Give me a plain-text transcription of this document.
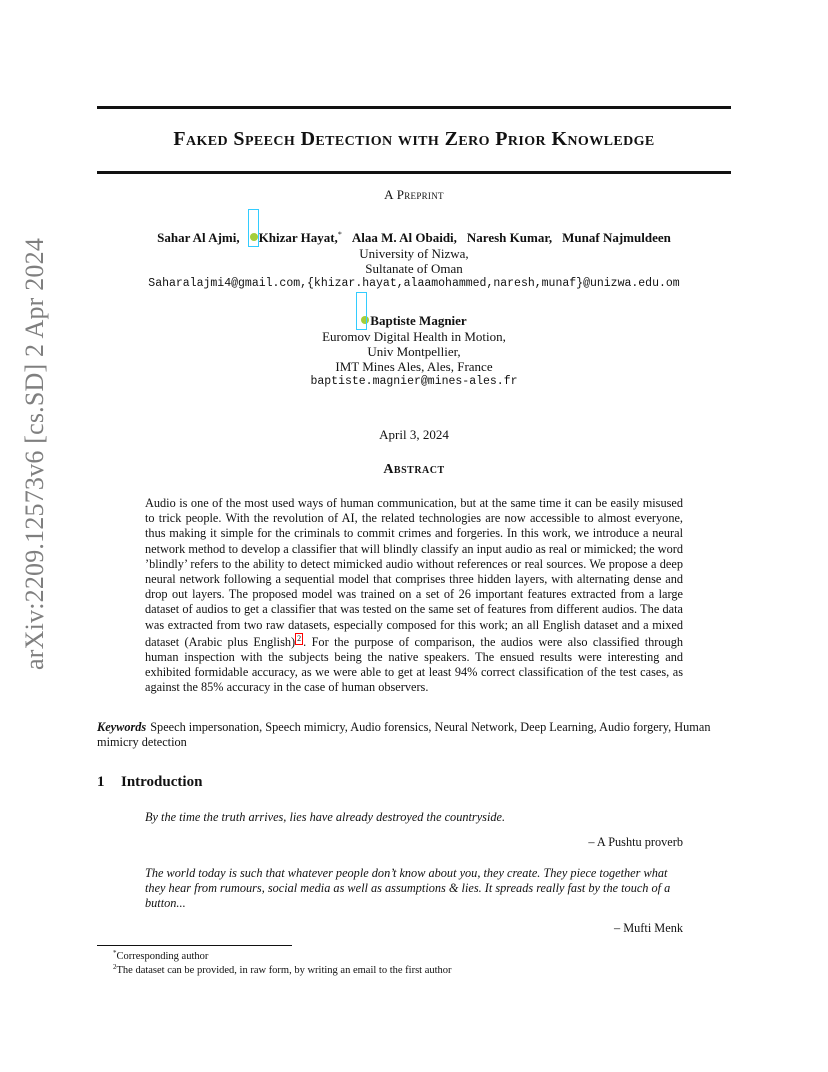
arXiv:2209.12573v6 [cs.SD] 2 Apr 2024
Faked Speech Detection with Zero Prior Knowledge
A Preprint
Sahar Al Ajmi, Khizar Hayat,* Alaa M. Al Obaidi, Naresh Kumar, Munaf Najmuldeen
University of Nizwa,
Sultanate of Oman
Saharalajmi4@gmail.com,{khizar.hayat,alaamohammed,naresh,munaf}@unizwa.edu.om
Baptiste Magnier
Euromov Digital Health in Motion,
Univ Montpellier,
IMT Mines Ales, Ales, France
baptiste.magnier@mines-ales.fr
April 3, 2024
Abstract

Audio is one of the most used ways of human communication, but at the same time it can be easily misused to trick people. With the revolution of AI, the related technologies are now accessible to almost everyone, thus making it simple for the criminals to commit crimes and forgeries. In this work, we introduce a neural network method to develop a classifier that will blindly classify an input audio as real or mimicked; the word ’blindly’ refers to the ability to detect mimicked audio without references or real sources. We propose a deep neural network following a sequential model that comprises three hidden layers, with alternating dense and drop out layers. The proposed model was trained on a set of 26 important features extracted from a large dataset of audios to get a classifier that was tested on the same set of features from different audios. The data was extracted from two raw datasets, especially composed for this work; an all English dataset and a mixed dataset (Arabic plus English) 2 . For the purpose of comparison, the audios were also classified through human inspection with the subjects being the native speakers. The ensued results were interesting and exhibited formidable accuracy, as we were able to get at least 94% correct classification of the test cases, as against the 85% accuracy in the case of human observers.

Keywords Speech impersonation, Speech mimicry, Audio forensics, Neural Network, Deep Learning, Audio forgery, Human mimicry detection

1 Introduction

By the time the truth arrives, lies have already destroyed the countryside.

– A Pushtu proverb

The world today is such that whatever people don’t know about you, they create. They piece together what they hear from rumours, social media as well as assumptions & lies. It spreads really fast by the touch of a button...

– Mufti Menk
*Corresponding author
$^2$The dataset can be provided, in raw form, by writing an email to the first author
